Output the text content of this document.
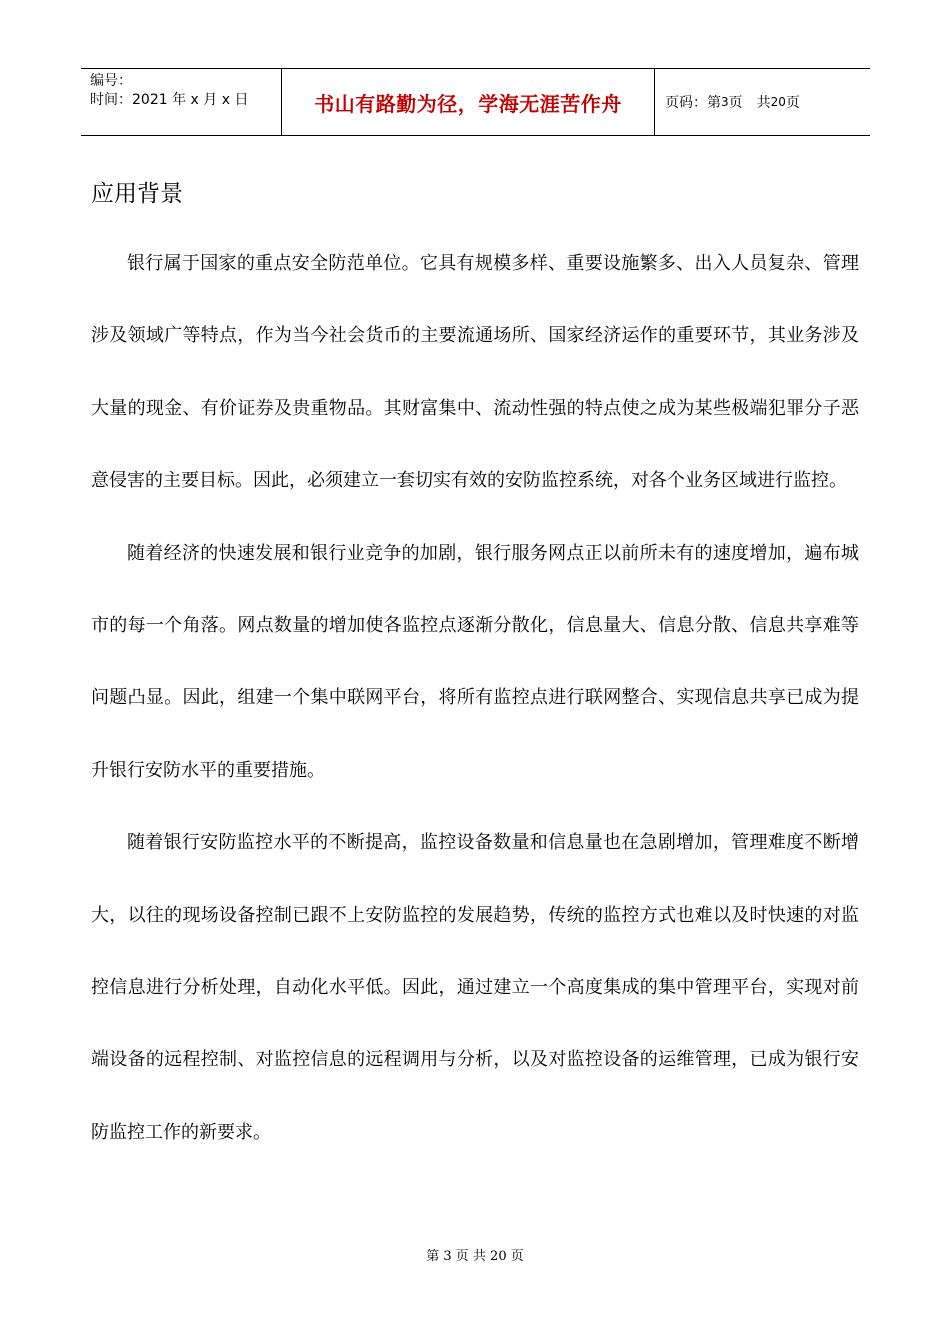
编号：
时间：2021 年 x 月 x 日	书山有路勤为径，学海无涯苦作舟	页码：第 3 页　共 20 页
应用背景

银行属于国家的重点安全防范单位。它具有规模多样、重要设施繁多、出入人员复杂、管理涉及领域广等特点，作为当今社会货币的主要流通场所、国家经济运作的重要环节，其业务涉及大量的现金、有价证券及贵重物品。其财富集中、流动性强的特点使之成为某些极端犯罪分子恶意侵害的主要目标。因此，必须建立一套切实有效的安防监控系统，对各个业务区域进行监控。

随着经济的快速发展和银行业竞争的加剧，银行服务网点正以前所未有的速度增加，遍布城市的每一个角落。网点数量的增加使各监控点逐渐分散化，信息量大、信息分散、信息共享难等问题凸显。因此，组建一个集中联网平台，将所有监控点进行联网整合、实现信息共享已成为提升银行安防水平的重要措施。

随着银行安防监控水平的不断提高，监控设备数量和信息量也在急剧增加，管理难度不断增大，以往的现场设备控制已跟不上安防监控的发展趋势，传统的监控方式也难以及时快速的对监控信息进行分析处理，自动化水平低。因此，通过建立一个高度集成的集中管理平台，实现对前端设备的远程控制、对监控信息的远程调用与分析，以及对监控设备的运维管理，已成为银行安防监控工作的新要求。

第 3 页 共 20 页
